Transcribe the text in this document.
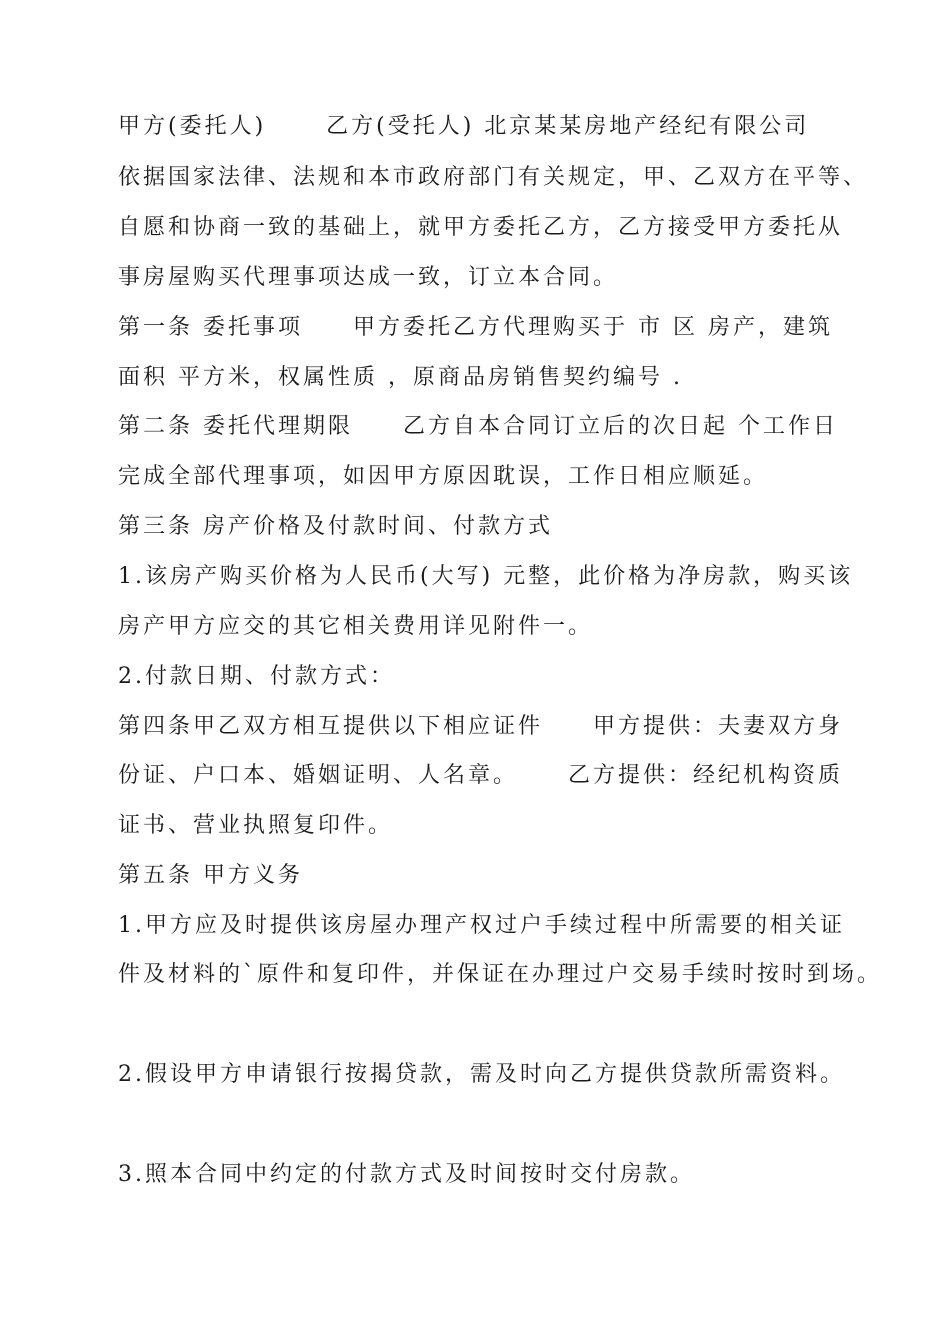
甲方(委托人)      乙方(受托人) 北京某某房地产经纪有限公司

依据国家法律、法规和本市政府部门有关规定，甲、乙双方在平等、

自愿和协商一致的基础上，就甲方委托乙方，乙方接受甲方委托从

事房屋购买代理事项达成一致，订立本合同。

第一条 委托事项     甲方委托乙方代理购买于 市 区 房产，建筑

面积 平方米，权属性质 ，原商品房销售契约编号 .

第二条 委托代理期限     乙方自本合同订立后的次日起 个工作日

完成全部代理事项，如因甲方原因耽误，工作日相应顺延。

第三条 房产价格及付款时间、付款方式

1.该房产购买价格为人民币(大写) 元整，此价格为净房款，购买该

房产甲方应交的其它相关费用详见附件一。

2.付款日期、付款方式：

第四条甲乙双方相互提供以下相应证件     甲方提供：夫妻双方身

份证、户口本、婚姻证明、人名章。     乙方提供：经纪机构资质

证书、营业执照复印件。

第五条 甲方义务

1.甲方应及时提供该房屋办理产权过户手续过程中所需要的相关证

件及材料的`原件和复印件，并保证在办理过户交易手续时按时到场。

2.假设甲方申请银行按揭贷款，需及时向乙方提供贷款所需资料。

3.照本合同中约定的付款方式及时间按时交付房款。
